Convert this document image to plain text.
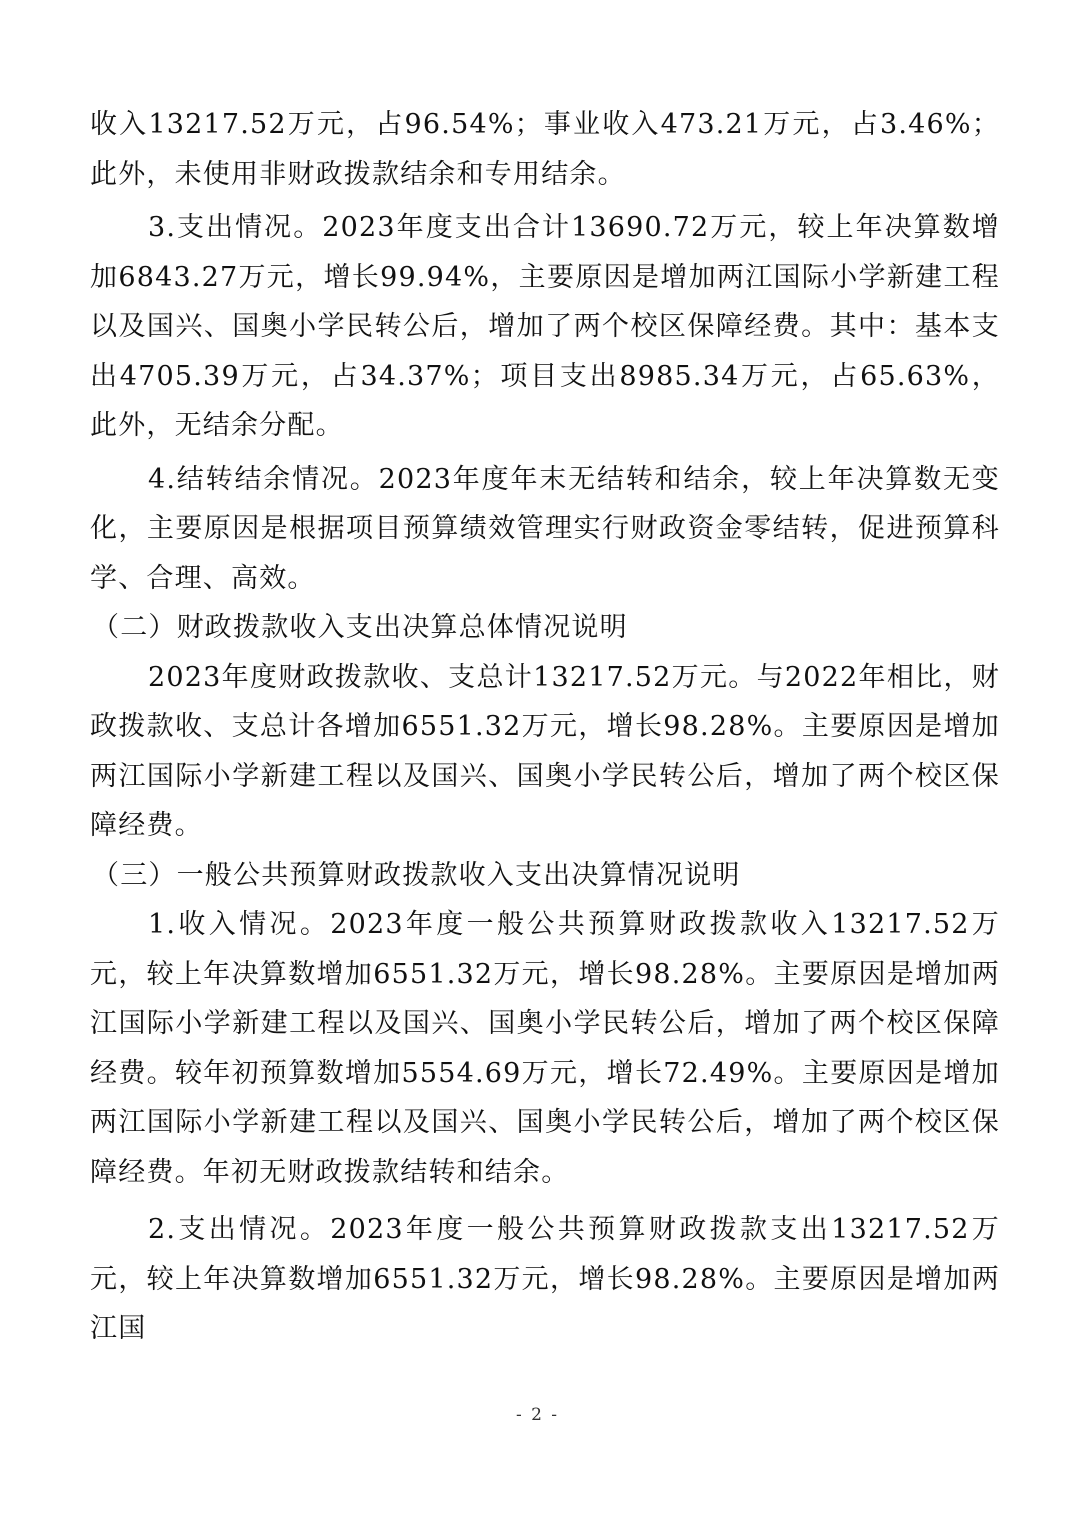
收入13217.52万元，占96.54%；事业收入473.21万元，占3.46%；此外，未使用非财政拨款结余和专用结余。

3.支出情况。2023年度支出合计13690.72万元，较上年决算数增加6843.27万元，增长99.94%，主要原因是增加两江国际小学新建工程以及国兴、国奥小学民转公后，增加了两个校区保障经费。其中：基本支出4705.39万元，占34.37%；项目支出8985.34万元，占65.63%，此外，无结余分配。

4.结转结余情况。2023年度年末无结转和结余，较上年决算数无变化，主要原因是根据项目预算绩效管理实行财政资金零结转，促进预算科学、合理、高效。

（二）财政拨款收入支出决算总体情况说明

2023年度财政拨款收、支总计13217.52万元。与2022年相比，财政拨款收、支总计各增加6551.32万元，增长98.28%。主要原因是增加两江国际小学新建工程以及国兴、国奥小学民转公后，增加了两个校区保障经费。

（三）一般公共预算财政拨款收入支出决算情况说明

1.收入情况。2023年度一般公共预算财政拨款收入13217.52万元，较上年决算数增加6551.32万元，增长98.28%。主要原因是增加两江国际小学新建工程以及国兴、国奥小学民转公后，增加了两个校区保障经费。较年初预算数增加5554.69万元，增长72.49%。主要原因是增加两江国际小学新建工程以及国兴、国奥小学民转公后，增加了两个校区保障经费。年初无财政拨款结转和结余。

2.支出情况。2023年度一般公共预算财政拨款支出13217.52万元，较上年决算数增加6551.32万元，增长98.28%。主要原因是增加两江国

- 2 -
